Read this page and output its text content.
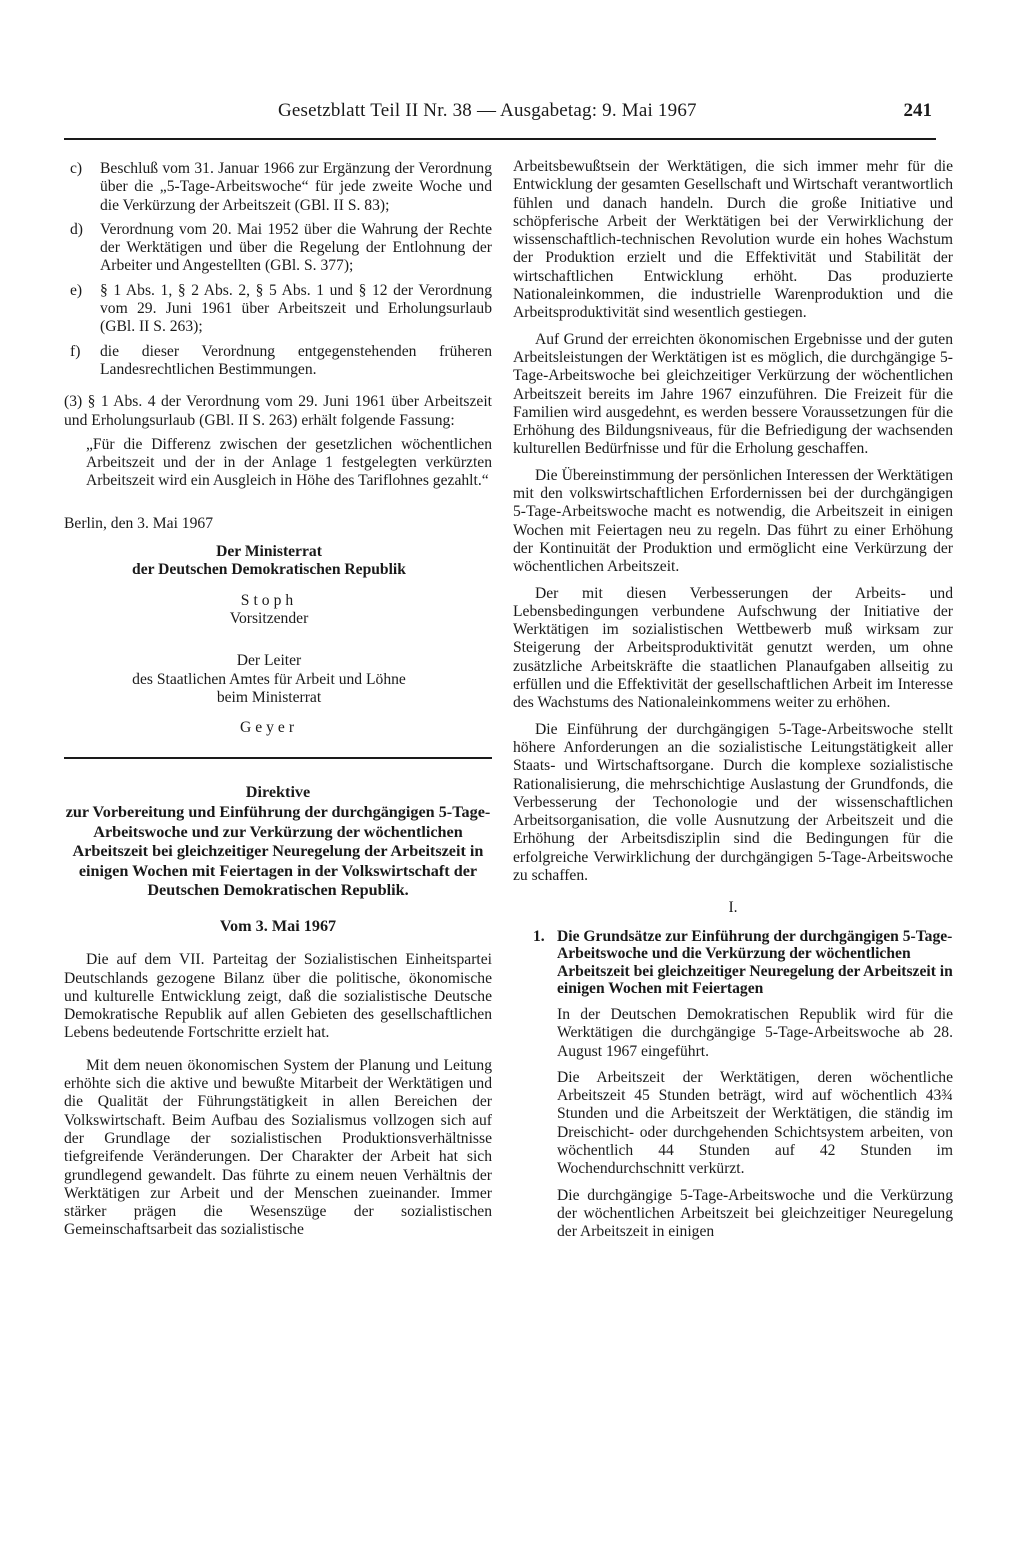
Gesetzblatt Teil II Nr. 38 — Ausgabetag: 9. Mai 1967	241
c)	Beschluß vom 31. Januar 1966 zur Ergänzung der Verordnung über die „5-Tage-Arbeitswoche“ für jede zweite Woche und die Verkürzung der Arbeitszeit (GBl. II S. 83);
d)	Verordnung vom 20. Mai 1952 über die Wahrung der Rechte der Werktätigen und über die Regelung der Entlohnung der Arbeiter und Angestellten (GBl. S. 377);
e)	§ 1 Abs. 1, § 2 Abs. 2, § 5 Abs. 1 und § 12 der Verordnung vom 29. Juni 1961 über Arbeitszeit und Erholungsurlaub (GBl. II S. 263);
f)	die dieser Verordnung entgegenstehenden früheren Landesrechtlichen Bestimmungen.

(3) § 1 Abs. 4 der Verordnung vom 29. Juni 1961 über Arbeitszeit und Erholungsurlaub (GBl. II S. 263) erhält folgende Fassung:

„Für die Differenz zwischen der gesetzlichen wöchentlichen Arbeitszeit und der in der Anlage 1 festgelegten verkürzten Arbeitszeit wird ein Ausgleich in Höhe des Tariflohnes gezahlt.“
Berlin, den 3. Mai 1967
Der Ministerrat
der Deutschen Demokratischen Republik
Stoph
Vorsitzender
Der Leiter
des Staatlichen Amtes für Arbeit und Löhne
beim Ministerrat
Geyer
Direktive
zur Vorbereitung und Einführung der durchgängigen 5-Tage-Arbeitswoche und zur Verkürzung der wöchentlichen Arbeitszeit bei gleichzeitiger Neuregelung der Arbeitszeit in einigen Wochen mit Feiertagen in der Volkswirtschaft der Deutschen Demokratischen Republik.
Vom 3. Mai 1967

Die auf dem VII. Parteitag der Sozialistischen Einheitspartei Deutschlands gezogene Bilanz über die politische, ökonomische und kulturelle Entwicklung zeigt, daß die sozialistische Deutsche Demokratische Republik auf allen Gebieten des gesellschaftlichen Lebens bedeutende Fortschritte erzielt hat.

Mit dem neuen ökonomischen System der Planung und Leitung erhöhte sich die aktive und bewußte Mitarbeit der Werktätigen und die Qualität der Führungstätigkeit in allen Bereichen der Volkswirtschaft. Beim Aufbau des Sozialismus vollzogen sich auf der Grundlage der sozialistischen Produktionsverhältnisse tiefgreifende Veränderungen. Der Charakter der Arbeit hat sich grundlegend gewandelt. Das führte zu einem neuen Verhältnis der Werktätigen zur Arbeit und der Menschen zueinander. Immer stärker prägen die Wesenszüge der sozialistischen Gemeinschaftsarbeit das sozialistische

Arbeitsbewußtsein der Werktätigen, die sich immer mehr für die Entwicklung der gesamten Gesellschaft und Wirtschaft verantwortlich fühlen und danach handeln. Durch die große Initiative und schöpferische Arbeit der Werktätigen bei der Verwirklichung der wissenschaftlich-technischen Revolution wurde ein hohes Wachstum der Produktion erzielt und die Effektivität und Stabilität der wirtschaftlichen Entwicklung erhöht. Das produzierte Nationaleinkommen, die industrielle Warenproduktion und die Arbeitsproduktivität sind wesentlich gestiegen.

Auf Grund der erreichten ökonomischen Ergebnisse und der guten Arbeitsleistungen der Werktätigen ist es möglich, die durchgängige 5-Tage-Arbeitswoche bei gleichzeitiger Verkürzung der wöchentlichen Arbeitszeit bereits im Jahre 1967 einzuführen. Die Freizeit für die Familien wird ausgedehnt, es werden bessere Voraussetzungen für die Erhöhung des Bildungsniveaus, für die Befriedigung der wachsenden kulturellen Bedürfnisse und für die Erholung geschaffen.

Die Übereinstimmung der persönlichen Interessen der Werktätigen mit den volkswirtschaftlichen Erfordernissen bei der durchgängigen 5-Tage-Arbeitswoche macht es notwendig, die Arbeitszeit in einigen Wochen mit Feiertagen neu zu regeln. Das führt zu einer Erhöhung der Kontinuität der Produktion und ermöglicht eine Verkürzung der wöchentlichen Arbeitszeit.

Der mit diesen Verbesserungen der Arbeits- und Lebensbedingungen verbundene Aufschwung der Initiative der Werktätigen im sozialistischen Wettbewerb muß wirksam zur Steigerung der Arbeitsproduktivität genutzt werden, um ohne zusätzliche Arbeitskräfte die staatlichen Planaufgaben allseitig zu erfüllen und die Effektivität der gesellschaftlichen Arbeit im Interesse des Wachstums des Nationaleinkommens weiter zu erhöhen.

Die Einführung der durchgängigen 5-Tage-Arbeitswoche stellt höhere Anforderungen an die sozialistische Leitungstätigkeit aller Staats- und Wirtschaftsorgane. Durch die komplexe sozialistische Rationalisierung, die mehrschichtige Auslastung der Grundfonds, die Verbesserung der Techonologie und der wissenschaftlichen Arbeitsorganisation, die volle Ausnutzung der Arbeitszeit und die Erhöhung der Arbeitsdisziplin sind die Bedingungen für die erfolgreiche Verwirklichung der durchgängigen 5-Tage-Arbeitswoche zu schaffen.

I.
1. Die Grundsätze zur Einführung der durchgängigen 5-Tage-Arbeitswoche und die Verkürzung der wöchentlichen Arbeitszeit bei gleichzeitiger Neuregelung der Arbeitszeit in einigen Wochen mit Feiertagen

In der Deutschen Demokratischen Republik wird für die Werktätigen die durchgängige 5-Tage-Arbeitswoche ab 28. August 1967 eingeführt.

Die Arbeitszeit der Werktätigen, deren wöchentliche Arbeitszeit 45 Stunden beträgt, wird auf wöchentlich 43¾ Stunden und die Arbeitszeit der Werktätigen, die ständig im Dreischicht- oder durchgehenden Schichtsystem arbeiten, von wöchentlich 44 Stunden auf 42 Stunden im Wochendurchschnitt verkürzt.

Die durchgängige 5-Tage-Arbeitswoche und die Verkürzung der wöchentlichen Arbeitszeit bei gleichzeitiger Neuregelung der Arbeitszeit in einigen
